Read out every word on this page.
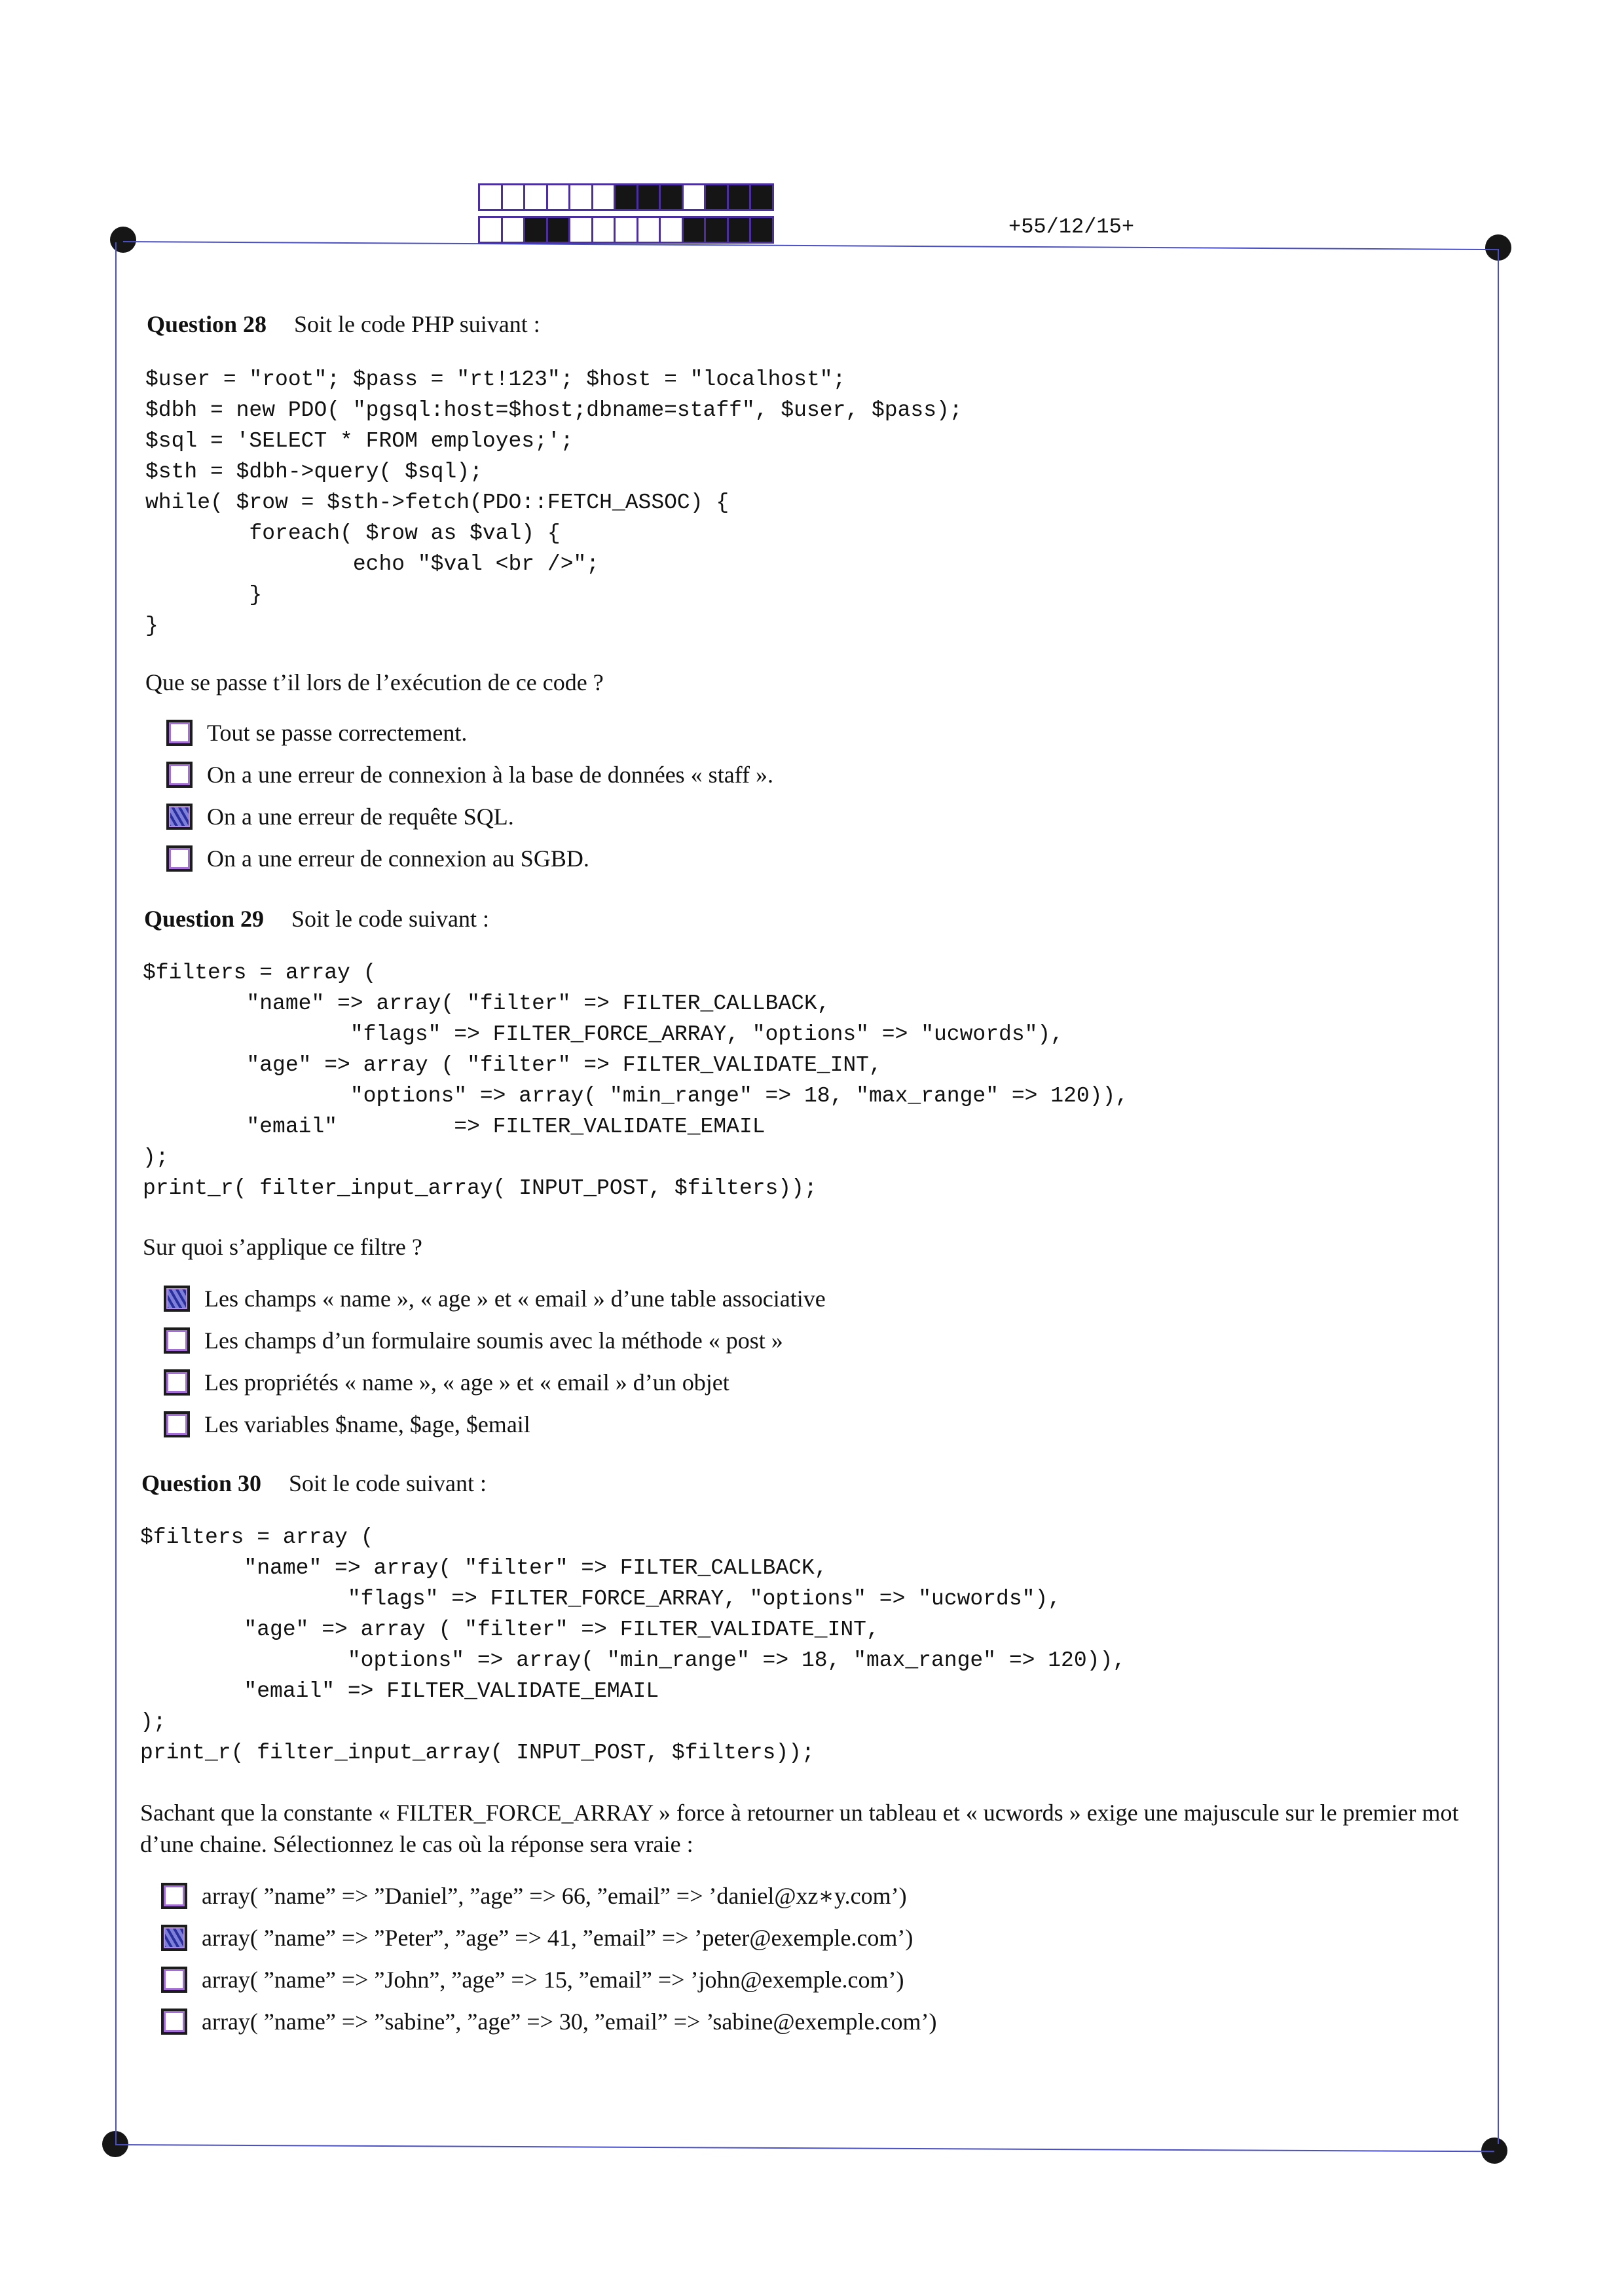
+55/12/15+
Question 28 Soit le code PHP suivant :
$user = "root"; $pass = "rt!123"; $host = "localhost";
$dbh = new PDO( "pgsql:host=$host;dbname=staff", $user, $pass);
$sql = 'SELECT * FROM employes;';
$sth = $dbh->query( $sql);
while( $row = $sth->fetch(PDO::FETCH_ASSOC) {
foreach( $row as $val) {
echo "$val <br />";
}
}
Que se passe t’il lors de l’exécution de ce code ?
Tout se passe correctement.
On a une erreur de connexion à la base de données « staff ».
On a une erreur de requête SQL.
On a une erreur de connexion au SGBD.
Question 29 Soit le code suivant :
$filters = array (
"name" => array( "filter" => FILTER_CALLBACK,
"flags" => FILTER_FORCE_ARRAY, "options" => "ucwords"),
"age" => array ( "filter" => FILTER_VALIDATE_INT,
"options" => array( "min_range" => 18, "max_range" => 120)),
"email"         => FILTER_VALIDATE_EMAIL
);
print_r( filter_input_array( INPUT_POST, $filters));
Sur quoi s’applique ce filtre ?
Les champs « name », « age » et « email » d’une table associative
Les champs d’un formulaire soumis avec la méthode « post »
Les propriétés « name », « age » et « email » d’un objet
Les variables $name, $age, $email
Question 30 Soit le code suivant :
$filters = array (
"name" => array( "filter" => FILTER_CALLBACK,
"flags" => FILTER_FORCE_ARRAY, "options" => "ucwords"),
"age" => array ( "filter" => FILTER_VALIDATE_INT,
"options" => array( "min_range" => 18, "max_range" => 120)),
"email" => FILTER_VALIDATE_EMAIL
);
print_r( filter_input_array( INPUT_POST, $filters));
Sachant que la constante « FILTER_FORCE_ARRAY » force à retourner un tableau et « ucwords » exige une majuscule sur le premier mot d’une chaine. Sélectionnez le cas où la réponse sera vraie :
array( ”name” => ”Daniel”, ”age” => 66, ”email” => ’daniel@xz∗y.com’)
array( ”name” => ”Peter”, ”age” => 41, ”email” => ’peter@exemple.com’)
array( ”name” => ”John”, ”age” => 15, ”email” => ’john@exemple.com’)
array( ”name” => ”sabine”, ”age” => 30, ”email” => ’sabine@exemple.com’)
